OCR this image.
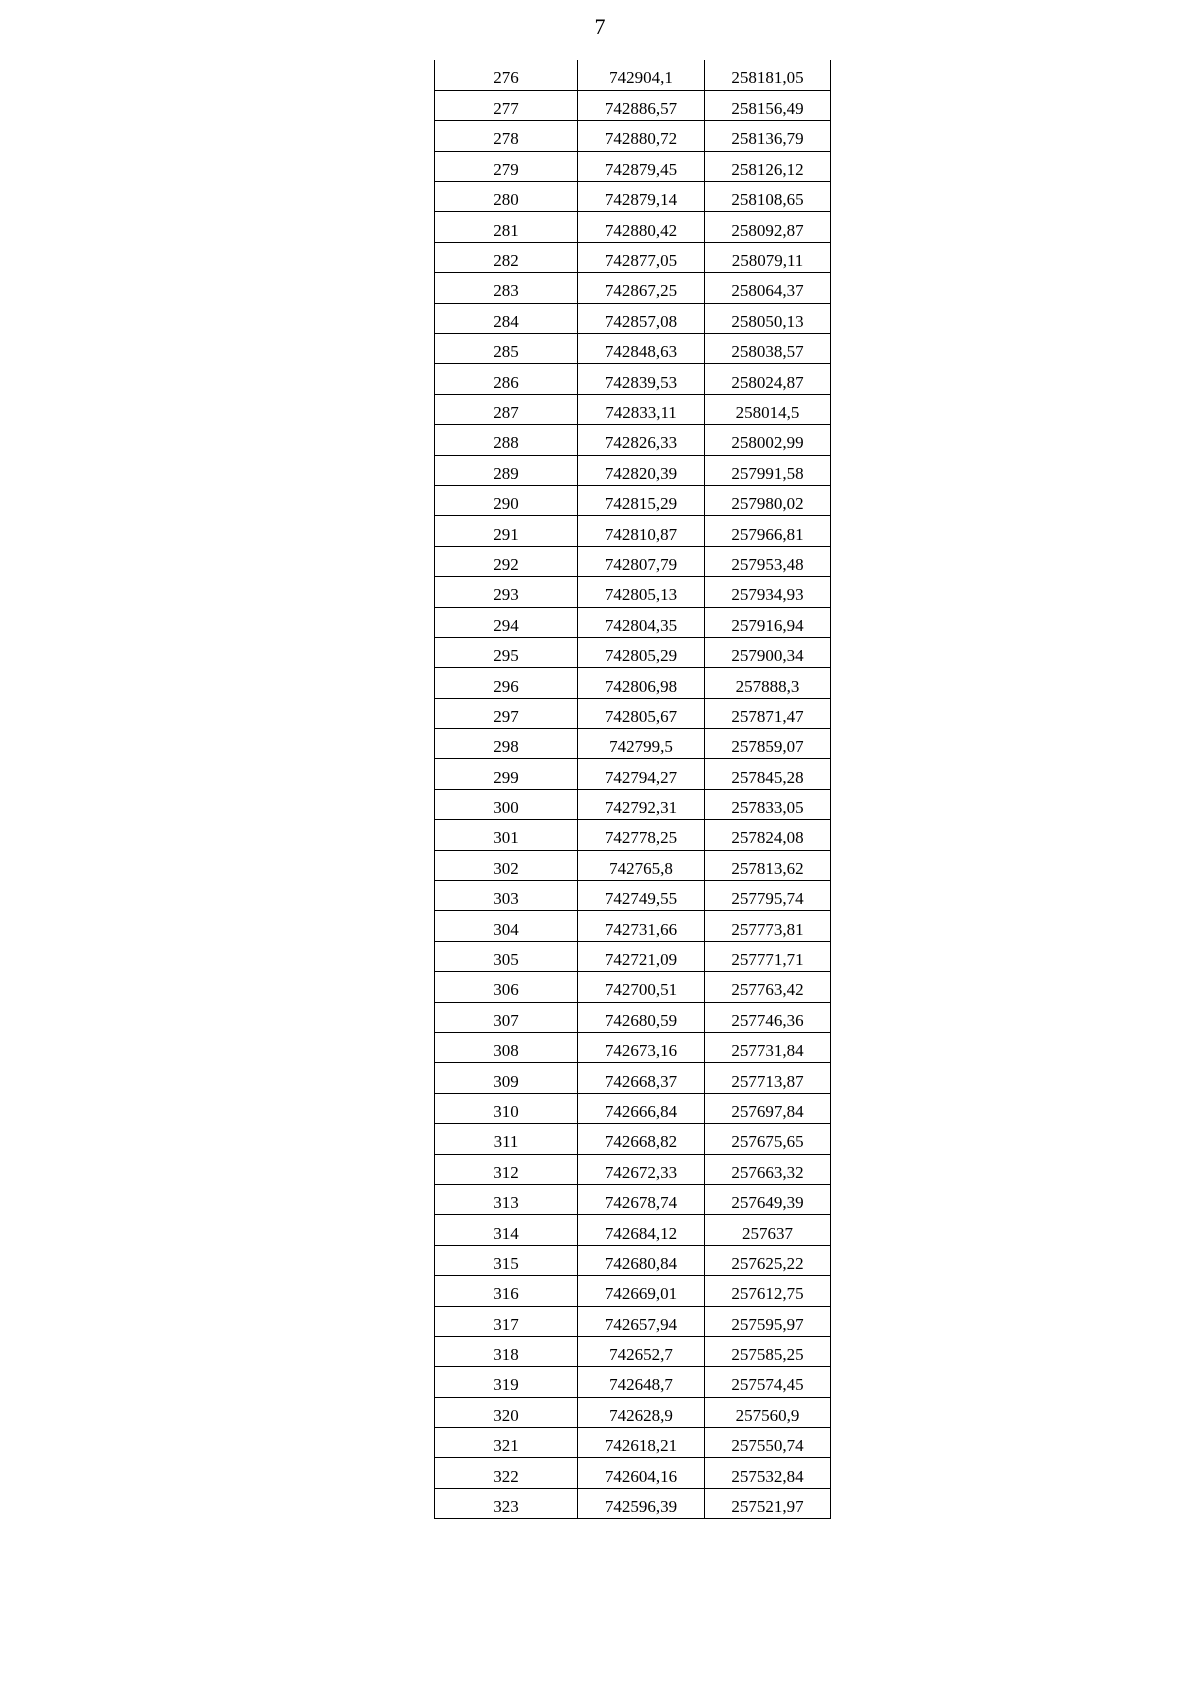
7
276	742904,1	258181,05
277	742886,57	258156,49
278	742880,72	258136,79
279	742879,45	258126,12
280	742879,14	258108,65
281	742880,42	258092,87
282	742877,05	258079,11
283	742867,25	258064,37
284	742857,08	258050,13
285	742848,63	258038,57
286	742839,53	258024,87
287	742833,11	258014,5
288	742826,33	258002,99
289	742820,39	257991,58
290	742815,29	257980,02
291	742810,87	257966,81
292	742807,79	257953,48
293	742805,13	257934,93
294	742804,35	257916,94
295	742805,29	257900,34
296	742806,98	257888,3
297	742805,67	257871,47
298	742799,5	257859,07
299	742794,27	257845,28
300	742792,31	257833,05
301	742778,25	257824,08
302	742765,8	257813,62
303	742749,55	257795,74
304	742731,66	257773,81
305	742721,09	257771,71
306	742700,51	257763,42
307	742680,59	257746,36
308	742673,16	257731,84
309	742668,37	257713,87
310	742666,84	257697,84
311	742668,82	257675,65
312	742672,33	257663,32
313	742678,74	257649,39
314	742684,12	257637
315	742680,84	257625,22
316	742669,01	257612,75
317	742657,94	257595,97
318	742652,7	257585,25
319	742648,7	257574,45
320	742628,9	257560,9
321	742618,21	257550,74
322	742604,16	257532,84
323	742596,39	257521,97
